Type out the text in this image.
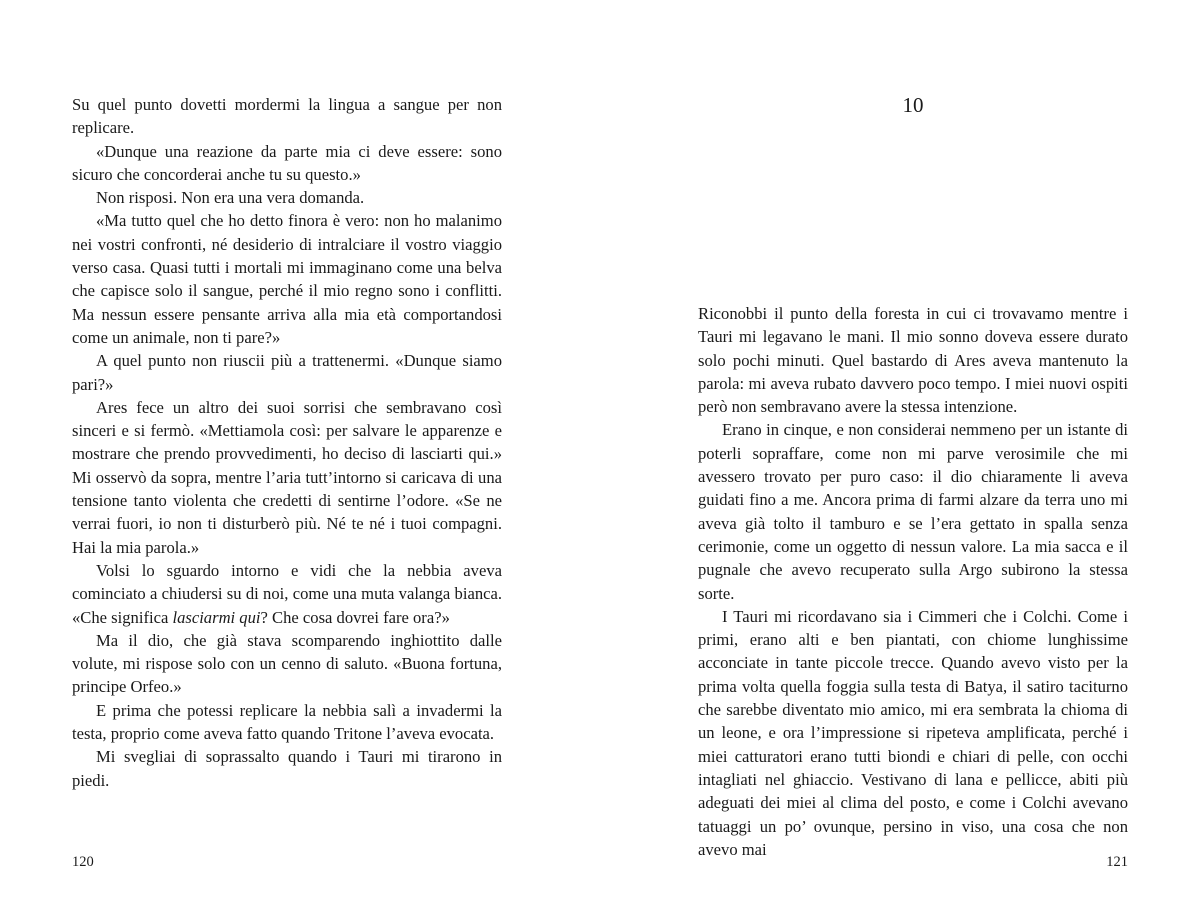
Su quel punto dovetti mordermi la lingua a sangue per non replicare.

«Dunque una reazione da parte mia ci deve essere: sono sicuro che concorderai anche tu su questo.»

Non risposi. Non era una vera domanda.

«Ma tutto quel che ho detto finora è vero: non ho malanimo nei vostri confronti, né desiderio di intralciare il vostro viaggio verso casa. Quasi tutti i mortali mi immaginano come una belva che capisce solo il sangue, perché il mio regno sono i conflitti. Ma nessun essere pensante arriva alla mia età comportandosi come un animale, non ti pare?»

A quel punto non riuscii più a trattenermi. «Dunque siamo pari?»

Ares fece un altro dei suoi sorrisi che sembravano così sinceri e si fermò. «Mettiamola così: per salvare le apparenze e mostrare che prendo provvedimenti, ho deciso di lasciarti qui.» Mi osservò da sopra, mentre l’aria tutt’intorno si caricava di una tensione tanto violenta che credetti di sentirne l’odore. «Se ne verrai fuori, io non ti disturberò più. Né te né i tuoi compagni. Hai la mia parola.»

Volsi lo sguardo intorno e vidi che la nebbia aveva cominciato a chiudersi su di noi, come una muta valanga bianca. «Che significa lasciarmi qui? Che cosa dovrei fare ora?»

Ma il dio, che già stava scomparendo inghiottito dalle volute, mi rispose solo con un cenno di saluto. «Buona fortuna, principe Orfeo.»

E prima che potessi replicare la nebbia salì a invadermi la testa, proprio come aveva fatto quando Tritone l’aveva evocata.

Mi svegliai di soprassalto quando i Tauri mi tirarono in piedi.

120
10

Riconobbi il punto della foresta in cui ci trovavamo mentre i Tauri mi legavano le mani. Il mio sonno doveva essere durato solo pochi minuti. Quel bastardo di Ares aveva mantenuto la parola: mi aveva rubato davvero poco tempo. I miei nuovi ospiti però non sembravano avere la stessa intenzione.

Erano in cinque, e non considerai nemmeno per un istante di poterli sopraffare, come non mi parve verosimile che mi avessero trovato per puro caso: il dio chiaramente li aveva guidati fino a me. Ancora prima di farmi alzare da terra uno mi aveva già tolto il tamburo e se l’era gettato in spalla senza cerimonie, come un oggetto di nessun valore. La mia sacca e il pugnale che avevo recuperato sulla Argo subirono la stessa sorte.

I Tauri mi ricordavano sia i Cimmeri che i Colchi. Come i primi, erano alti e ben piantati, con chiome lunghissime acconciate in tante piccole trecce. Quando avevo visto per la prima volta quella foggia sulla testa di Batya, il satiro taciturno che sarebbe diventato mio amico, mi era sembrata la chioma di un leone, e ora l’impressione si ripeteva amplificata, perché i miei catturatori erano tutti biondi e chiari di pelle, con occhi intagliati nel ghiaccio. Vestivano di lana e pellicce, abiti più adeguati dei miei al clima del posto, e come i Colchi avevano tatuaggi un po’ ovunque, persino in viso, una cosa che non avevo mai

121
